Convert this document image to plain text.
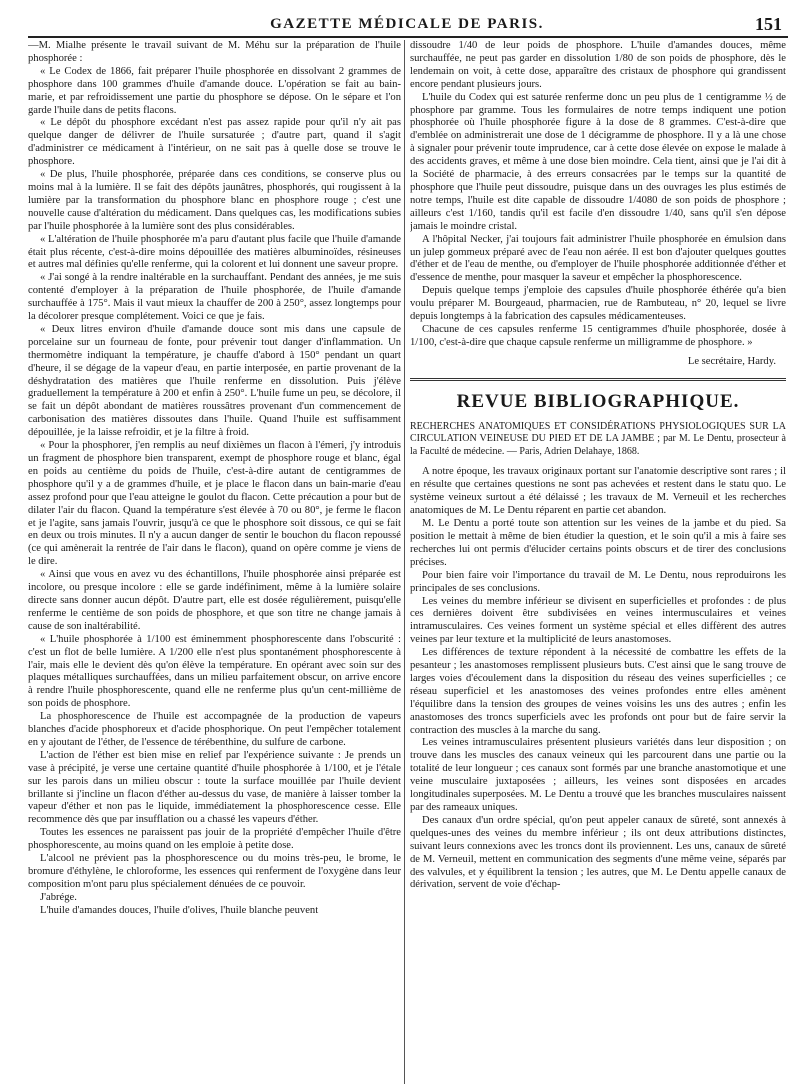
GAZETTE MÉDICALE DE PARIS.	151

—M. Mialhe présente le travail suivant de M. Méhu sur la préparation de l'huile phosphorée :

« Le Codex de 1866, fait préparer l'huile phosphorée en dissolvant 2 grammes de phosphore dans 100 grammes d'huile d'amande douce. L'opération se fait au bain-marie, et par refroidissement une partie du phosphore se dépose. On le sépare et l'on garde l'huile dans de petits flacons.

« Le dépôt du phosphore excédant n'est pas assez rapide pour qu'il n'y ait pas quelque danger de délivrer de l'huile sursaturée ; d'autre part, quand il s'agit d'administrer ce médicament à l'intérieur, on ne sait pas à quelle dose se trouve le phosphore.

« De plus, l'huile phosphorée, préparée dans ces conditions, se conserve plus ou moins mal à la lumière. Il se fait des dépôts jaunâtres, phosphorés, qui rougissent à la lumière par la transformation du phosphore blanc en phosphore rouge ; c'est une nouvelle cause d'altération du médicament. Dans quelques cas, les modifications subies par l'huile phosphorée à la lumière sont des plus considérables.

« L'altération de l'huile phosphorée m'a paru d'autant plus facile que l'huile d'amande était plus récente, c'est-à-dire moins dépouillée des matières albuminoïdes, résineuses et autres mal définies qu'elle renferme, qui la colorent et lui donnent une saveur propre.

« J'ai songé à la rendre inaltérable en la surchauffant. Pendant des années, je me suis contenté d'employer à la préparation de l'huile phosphorée, de l'huile d'amande surchauffée à 175°. Mais il vaut mieux la chauffer de 200 à 250°, assez longtemps pour la décolorer presque complétement. Voici ce que je fais.

« Deux litres environ d'huile d'amande douce sont mis dans une capsule de porcelaine sur un fourneau de fonte, pour prévenir tout danger d'inflammation. Un thermomètre indiquant la température, je chauffe d'abord à 150° pendant un quart d'heure, il se dégage de la vapeur d'eau, en partie interposée, en partie provenant de la déshydratation des matières que l'huile renferme en dissolution. Puis j'élève graduellement la température à 200 et enfin à 250°. L'huile fume un peu, se décolore, il se fait un dépôt abondant de matières roussâtres provenant d'un commencement de carbonisation des matières dissoutes dans l'huile. Quand l'huile est suffisamment dépouillée, je la laisse refroidir, et je la filtre à froid.

« Pour la phosphorer, j'en remplis au neuf dixièmes un flacon à l'émeri, j'y introduis un fragment de phosphore bien transparent, exempt de phosphore rouge et blanc, égal en poids au centième du poids de l'huile, c'est-à-dire autant de centigrammes de phosphore qu'il y a de grammes d'huile, et je place le flacon dans un bain-marie d'eau assez profond pour que l'eau atteigne le goulot du flacon. Cette précaution a pour but de dilater l'air du flacon. Quand la température s'est élevée à 70 ou 80°, je ferme le flacon et je l'agite, sans jamais l'ouvrir, jusqu'à ce que le phosphore soit dissous, ce qui se fait en deux ou trois minutes. Il n'y a aucun danger de sentir le bouchon du flacon repoussé (ce qui amènerait la rentrée de l'air dans le flacon), quand on opère comme je viens de le dire.

« Ainsi que vous en avez vu des échantillons, l'huile phosphorée ainsi préparée est incolore, ou presque incolore : elle se garde indéfiniment, même à la lumière solaire directe sans donner aucun dépôt. D'autre part, elle est dosée régulièrement, puisqu'elle renferme le centième de son poids de phosphore, et que son titre ne change jamais à cause de son inaltérabilité.

« L'huile phosphorée à 1/100 est éminemment phosphorescente dans l'obscurité : c'est un flot de belle lumière. A 1/200 elle n'est plus spontanément phosphorescente à l'air, mais elle le devient dès qu'on élève la température. En opérant avec soin sur des plaques métalliques surchauffées, dans un milieu parfaitement obscur, on arrive encore à rendre l'huile phosphorescente, quand elle ne renferme plus qu'un cent-millième de son poids de phosphore.

La phosphorescence de l'huile est accompagnée de la production de vapeurs blanches d'acide phosphoreux et d'acide phosphorique. On peut l'empêcher totalement en y ajoutant de l'éther, de l'essence de térébenthine, du sulfure de carbone.

L'action de l'éther est bien mise en relief par l'expérience suivante : Je prends un vase à précipité, je verse une certaine quantité d'huile phosphorée à 1/100, et je l'étale sur les parois dans un milieu obscur : toute la surface mouillée par l'huile devient brillante si j'incline un flacon d'éther au-dessus du vase, de manière à laisser tomber la vapeur d'éther et non pas le liquide, immédiatement la phosphorescence cesse. Elle recommence dès que par insufflation ou a chassé les vapeurs d'éther.

Toutes les essences ne paraissent pas jouir de la propriété d'empêcher l'huile d'être phosphorescente, au moins quand on les emploie à petite dose.

L'alcool ne prévient pas la phosphorescence ou du moins très-peu, le brome, le bromure d'éthylène, le chloroforme, les essences qui renferment de l'oxygène dans leur composition m'ont paru plus spécialement dénuées de ce pouvoir.

J'abrége.

L'huile d'amandes douces, l'huile d'olives, l'huile blanche peuvent

dissoudre 1/40 de leur poids de phosphore. L'huile d'amandes douces, même surchauffée, ne peut pas garder en dissolution 1/80 de son poids de phosphore, dès le lendemain on voit, à cette dose, apparaître des cristaux de phosphore qui grandissent encore pendant plusieurs jours.

L'huile du Codex qui est saturée renferme donc un peu plus de 1 centigramme ½ de phosphore par gramme. Tous les formulaires de notre temps indiquent une potion phosphorée où l'huile phosphorée figure à la dose de 8 grammes. C'est-à-dire que d'emblée on administrerait une dose de 1 décigramme de phosphore. Il y a là une chose à signaler pour prévenir toute imprudence, car à cette dose élevée on expose le malade à des accidents graves, et même à une dose bien moindre. Cela tient, ainsi que je l'ai dit à la Société de pharmacie, à des erreurs consacrées par le temps sur la quantité de phosphore que l'huile peut dissoudre, puisque dans un des ouvrages les plus estimés de notre temps, l'huile est dite capable de dissoudre 1/4080 de son poids de phosphore ; ailleurs c'est 1/160, tandis qu'il est facile d'en dissoudre 1/40, sans qu'il s'en dépose jamais le moindre cristal.

A l'hôpital Necker, j'ai toujours fait administrer l'huile phosphorée en émulsion dans un julep gommeux préparé avec de l'eau non aérée. Il est bon d'ajouter quelques gouttes d'éther et de l'eau de menthe, ou d'employer de l'huile phosphorée additionnée d'éther et d'essence de menthe, pour masquer la saveur et empêcher la phosphorescence.

Depuis quelque temps j'emploie des capsules d'huile phosphorée éthérée qu'a bien voulu préparer M. Bourgeaud, pharmacien, rue de Rambuteau, n° 20, lequel se livre depuis longtemps à la fabrication des capsules médicamenteuses.

Chacune de ces capsules renferme 15 centigrammes d'huile phosphorée, dosée à 1/100, c'est-à-dire que chaque capsule renferme un milligramme de phosphore. »

Le secrétaire, Hardy.

REVUE BIBLIOGRAPHIQUE.

RECHERCHES ANATOMIQUES ET CONSIDÉRATIONS PHYSIOLOGIQUES SUR LA CIRCULATION VEINEUSE DU PIED ET DE LA JAMBE ; par M. Le Dentu, prosecteur à la Faculté de médecine. — Paris, Adrien Delahaye, 1868.

A notre époque, les travaux originaux portant sur l'anatomie descriptive sont rares ; il en résulte que certaines questions ne sont pas achevées et restent dans le statu quo. Le système veineux surtout a été délaissé ; les travaux de M. Verneuil et les recherches anatomiques de M. Le Dentu réparent en partie cet abandon.

M. Le Dentu a porté toute son attention sur les veines de la jambe et du pied. Sa position le mettait à même de bien étudier la question, et le soin qu'il a mis à faire ses recherches lui ont permis d'élucider certains points obscurs et de tirer des conclusions précises.

Pour bien faire voir l'importance du travail de M. Le Dentu, nous reproduirons les principales de ses conclusions.

Les veines du membre inférieur se divisent en superficielles et profondes : de plus ces dernières doivent être subdivisées en veines intermusculaires et veines intramusculaires. Ces veines forment un système spécial et elles diffèrent des autres veines par leur texture et la multiplicité de leurs anastomoses.

Les différences de texture répondent à la nécessité de combattre les effets de la pesanteur ; les anastomoses remplissent plusieurs buts. C'est ainsi que le sang trouve de larges voies d'écoulement dans la disposition du réseau des veines superficielles ; ce réseau superficiel et les anastomoses des veines profondes entre elles amènent l'équilibre dans la tension des groupes de veines voisins les uns des autres ; enfin les anastomoses des troncs superficiels avec les profonds ont pour but de faire servir la contraction des muscles à la marche du sang.

Les veines intramusculaires présentent plusieurs variétés dans leur disposition ; on trouve dans les muscles des canaux veineux qui les parcourent dans une partie ou la totalité de leur longueur ; ces canaux sont formés par une branche anastomotique et une veine musculaire juxtaposées ; ailleurs, les veines sont disposées en arcades longitudinales superposées. M. Le Dentu a trouvé que les branches musculaires naissent par des rameaux uniques.

Des canaux d'un ordre spécial, qu'on peut appeler canaux de sûreté, sont annexés à quelques-unes des veines du membre inférieur ; ils ont deux attributions distinctes, suivant leurs connexions avec les troncs dont ils proviennent. Les uns, canaux de sûreté de M. Verneuil, mettent en communication des segments d'une même veine, séparés par des valvules, et y équilibrent la tension ; les autres, que M. Le Dentu appelle canaux de dérivation, servent de voie d'échap-
